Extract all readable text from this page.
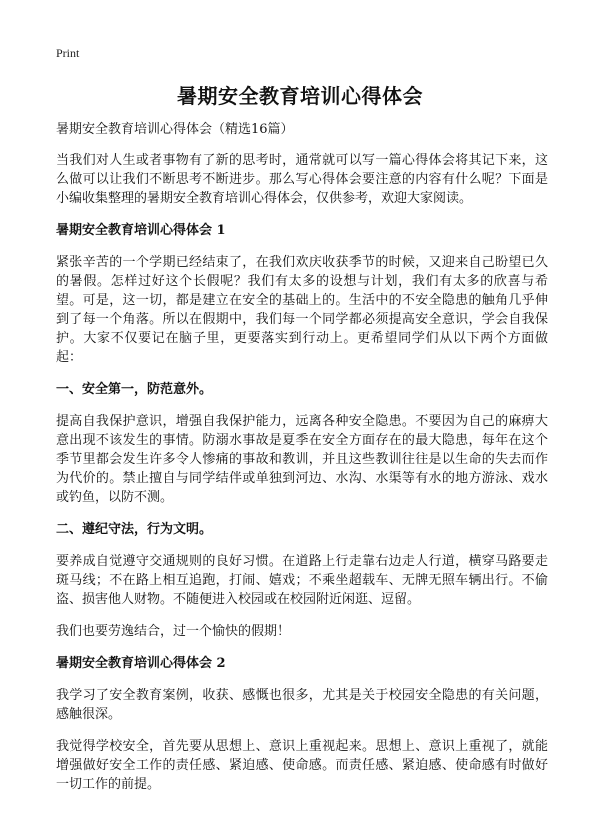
Print
暑期安全教育培训心得体会

暑期安全教育培训心得体会（精选16篇）

当我们对人生或者事物有了新的思考时，通常就可以写一篇心得体会将其记下来，这么做可以让我们不断思考不断进步。那么写心得体会要注意的内容有什么呢？下面是小编收集整理的暑期安全教育培训心得体会，仅供参考，欢迎大家阅读。

暑期安全教育培训心得体会 1

紧张辛苦的一个学期已经结束了，在我们欢庆收获季节的时候，又迎来自己盼望已久的暑假。怎样过好这个长假呢？我们有太多的设想与计划，我们有太多的欣喜与希望。可是，这一切，都是建立在安全的基础上的。生活中的不安全隐患的触角几乎伸到了每一个角落。所以在假期中，我们每一个同学都必须提高安全意识，学会自我保护。大家不仅要记在脑子里，更要落实到行动上。更希望同学们从以下两个方面做起：

一、安全第一，防范意外。

提高自我保护意识，增强自我保护能力，远离各种安全隐患。不要因为自己的麻痹大意出现不该发生的事情。防溺水事故是夏季在安全方面存在的最大隐患，每年在这个季节里都会发生许多令人惨痛的事故和教训，并且这些教训往往是以生命的失去而作为代价的。禁止擅自与同学结伴或单独到河边、水沟、水渠等有水的地方游泳、戏水或钓鱼，以防不测。

二、遵纪守法，行为文明。

要养成自觉遵守交通规则的良好习惯。在道路上行走靠右边走人行道，横穿马路要走斑马线；不在路上相互追跑，打闹、嬉戏；不乘坐超载车、无牌无照车辆出行。不偷盗、损害他人财物。不随便进入校园或在校园附近闲逛、逗留。

我们也要劳逸结合，过一个愉快的假期！

暑期安全教育培训心得体会 2

我学习了安全教育案例，收获、感慨也很多，尤其是关于校园安全隐患的有关问题，感触很深。

我觉得学校安全，首先要从思想上、意识上重视起来。思想上、意识上重视了，就能增强做好安全工作的责任感、紧迫感、使命感。而责任感、紧迫感、使命感有时做好一切工作的前提。
